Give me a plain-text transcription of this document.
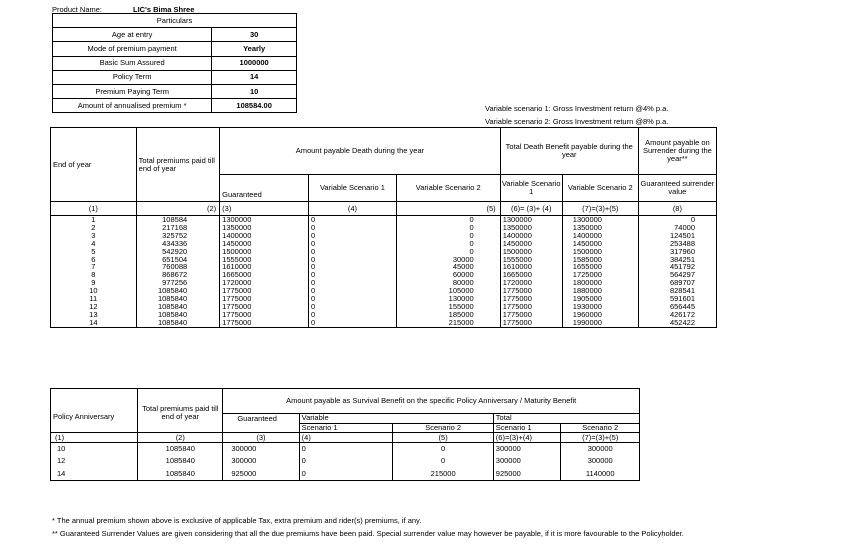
Product Name:	LIC's Bima Shree
Particulars	
Age at entry	30
Mode of premium payment	Yearly
Basic Sum Assured	1000000
Policy Term	14
Premium Paying Term	10
Amount of annualised premium *	108584.00	Variable scenario 1: Gross Investment return @4% p.a.
Variable scenario 2: Gross Investment return @8% p.a.
End of year	Total premiums paid till end of year	Amount payable Death during the year			Total Death Benefit payable during the year		Amount payable on Surrender during the year**
		Guaranteed	Variable Scenario 1	Variable Scenario 2	Variable Scenario 1	Variable Scenario 2	Guaranteed surrender value
(1)	(2)	(3)	(4)	(5)	(6)= (3)+ (4)	(7)=(3)+(5)	(8)
1	108584	1300000	0	0	1300000	1300000	0
2	217168	1350000	0	0	1350000	1350000	74000
3	325752	1400000	0	0	1400000	1400000	124501
4	434336	1450000	0	0	1450000	1450000	253488
5	542920	1500000	0	0	1500000	1500000	317960
6	651504	1555000	0	30000	1555000	1585000	384251
7	760088	1610000	0	45000	1610000	1655000	451792
8	868672	1665000	0	60000	1665000	1725000	564297
9	977256	1720000	0	80000	1720000	1800000	689707
10	1085840	1775000	0	105000	1775000	1880000	828541
11	1085840	1775000	0	130000	1775000	1905000	591601
12	1085840	1775000	0	155000	1775000	1930000	656445
13	1085840	1775000	0	185000	1775000	1960000	426172
14	1085840	1775000	0	215000	1775000	1990000	452422
Policy Anniversary	Total premiums paid till end of year	Amount payable as Survival Benefit on the specific Policy Anniversary / Maturity Benefit				
		Guaranteed	Variable		Total	
			Scenario 1	Scenario 2	Scenario 1	Scenario 2
(1)	(2)	(3)	(4)	(5)	(6)=(3)+(4)	(7)=(3)+(5)
10	1085840	300000	0	0	300000	300000
12	1085840	300000	0	0	300000	300000
14	1085840	925000	0	215000	925000	1140000
* The annual premium shown above is exclusive of applicable Tax, extra premium and rider(s) premiums, if any.
** Guaranteed Surrender Values are given considering that all the due premiums have been paid. Special surrender value may however be payable, if it is more favourable to the Policyholder.
